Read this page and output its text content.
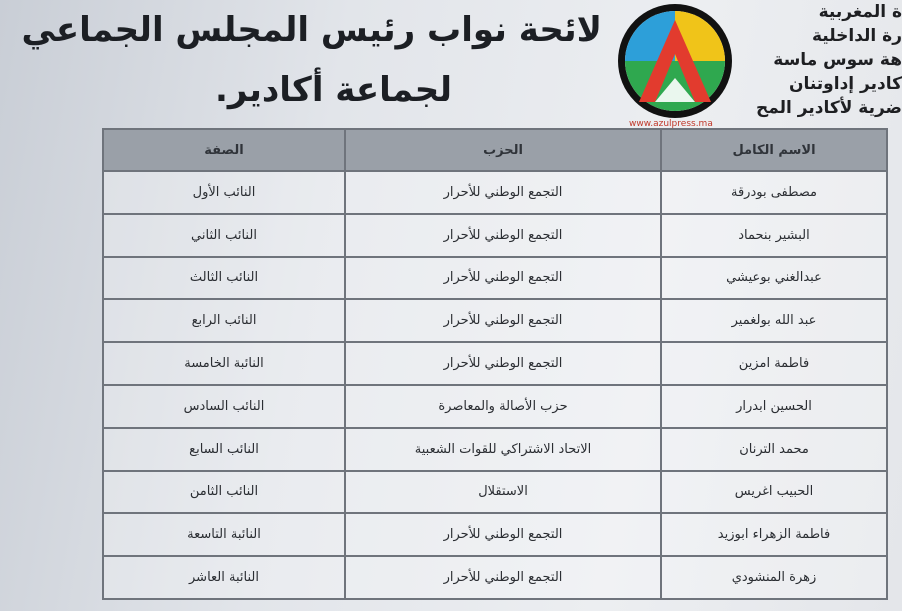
ة المغربية
رة الداخلية
هة سوس ماسة
كادير إداوتنان
ضرية لأكادير المح
لائحة نواب رئيس المجلس الجماعي
لجماعة أكادير.
www.azulpress.ma
الاسم الكامل	الحزب	الصفة
مصطفى بودرقة	التجمع الوطني للأحرار	النائب الأول
البشير بنحماد	التجمع الوطني للأحرار	النائب الثاني
عبدالغني بوعيشي	التجمع الوطني للأحرار	النائب الثالث
عبد الله بولغمير	التجمع الوطني للأحرار	النائب الرابع
فاطمة امزين	التجمع الوطني للأحرار	النائبة الخامسة
الحسين ابدرار	حزب الأصالة والمعاصرة	النائب السادس
محمد الترنان	الاتحاد الاشتراكي للقوات الشعبية	النائب السابع
الحبيب اغريس	الاستقلال	النائب الثامن
فاطمة الزهراء ابوزيد	التجمع الوطني للأحرار	النائبة التاسعة
زهرة المنشودي	التجمع الوطني للأحرار	النائبة العاشر
